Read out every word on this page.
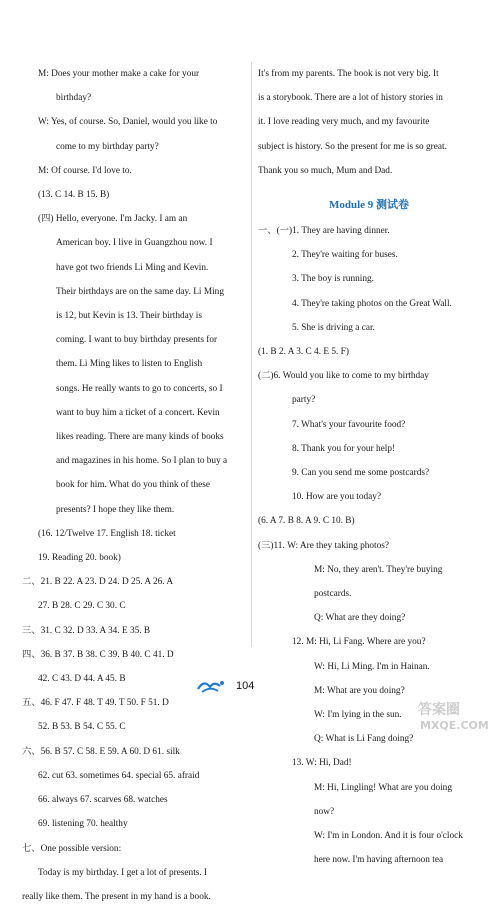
M: Does your mother make a cake for your
birthday?
W: Yes, of course. So, Daniel, would you like to
come to my birthday party?
M: Of course. I'd love to.
(13. C 14. B 15. B)
(四) Hello, everyone. I'm Jacky. I am an
American boy. I live in Guangzhou now. I
have got two friends Li Ming and Kevin.
Their birthdays are on the same day. Li Ming
is 12, but Kevin is 13. Their birthday is
coming. I want to buy birthday presents for
them. Li Ming likes to listen to English
songs. He really wants to go to concerts, so I
want to buy him a ticket of a concert. Kevin
likes reading. There are many kinds of books
and magazines in his home. So I plan to buy a
book for him. What do you think of these
presents? I hope they like them.
(16. 12/Twelve 17. English 18. ticket
19. Reading 20. book)
二、21. B 22. A 23. D 24. D 25. A 26. A
27. B 28. C 29. C 30. C
三、31. C 32. D 33. A 34. E 35. B
四、36. B 37. B 38. C 39. B 40. C 41. D
42. C 43. D 44. A 45. B
五、46. F 47. F 48. T 49. T 50. F 51. D
52. B 53. B 54. C 55. C
六、56. B 57. C 58. E 59. A 60. D 61. silk
62. cut 63. sometimes 64. special 65. afraid
66. always 67. scarves 68. watches
69. listening 70. healthy
七、One possible version:
Today is my birthday. I get a lot of presents. I
really like them. The present in my hand is a book.
It's from my parents. The book is not very big. It
is a storybook. There are a lot of history stories in
it. I love reading very much, and my favourite
subject is history. So the present for me is so great.
Thank you so much, Mum and Dad.
Module 9 测试卷
一、(一)1. They are having dinner.
2. They're waiting for buses.
3. The boy is running.
4. They're taking photos on the Great Wall.
5. She is driving a car.
(1. B 2. A 3. C 4. E 5. F)
(二)6. Would you like to come to my birthday
party?
7. What's your favourite food?
8. Thank you for your help!
9. Can you send me some postcards?
10. How are you today?
(6. A 7. B 8. A 9. C 10. B)
(三)11. W: Are they taking photos?
M: No, they aren't. They're buying
postcards.
Q: What are they doing?
12. M: Hi, Li Fang. Where are you?
W: Hi, Li Ming. I'm in Hainan.
M: What are you doing?
W: I'm lying in the sun.
Q: What is Li Fang doing?
13. W: Hi, Dad!
M: Hi, Lingling! What are you doing
now?
W: I'm in London. And it is four o'clock
here now. I'm having afternoon tea
104
答案圈
MXQE.COM
